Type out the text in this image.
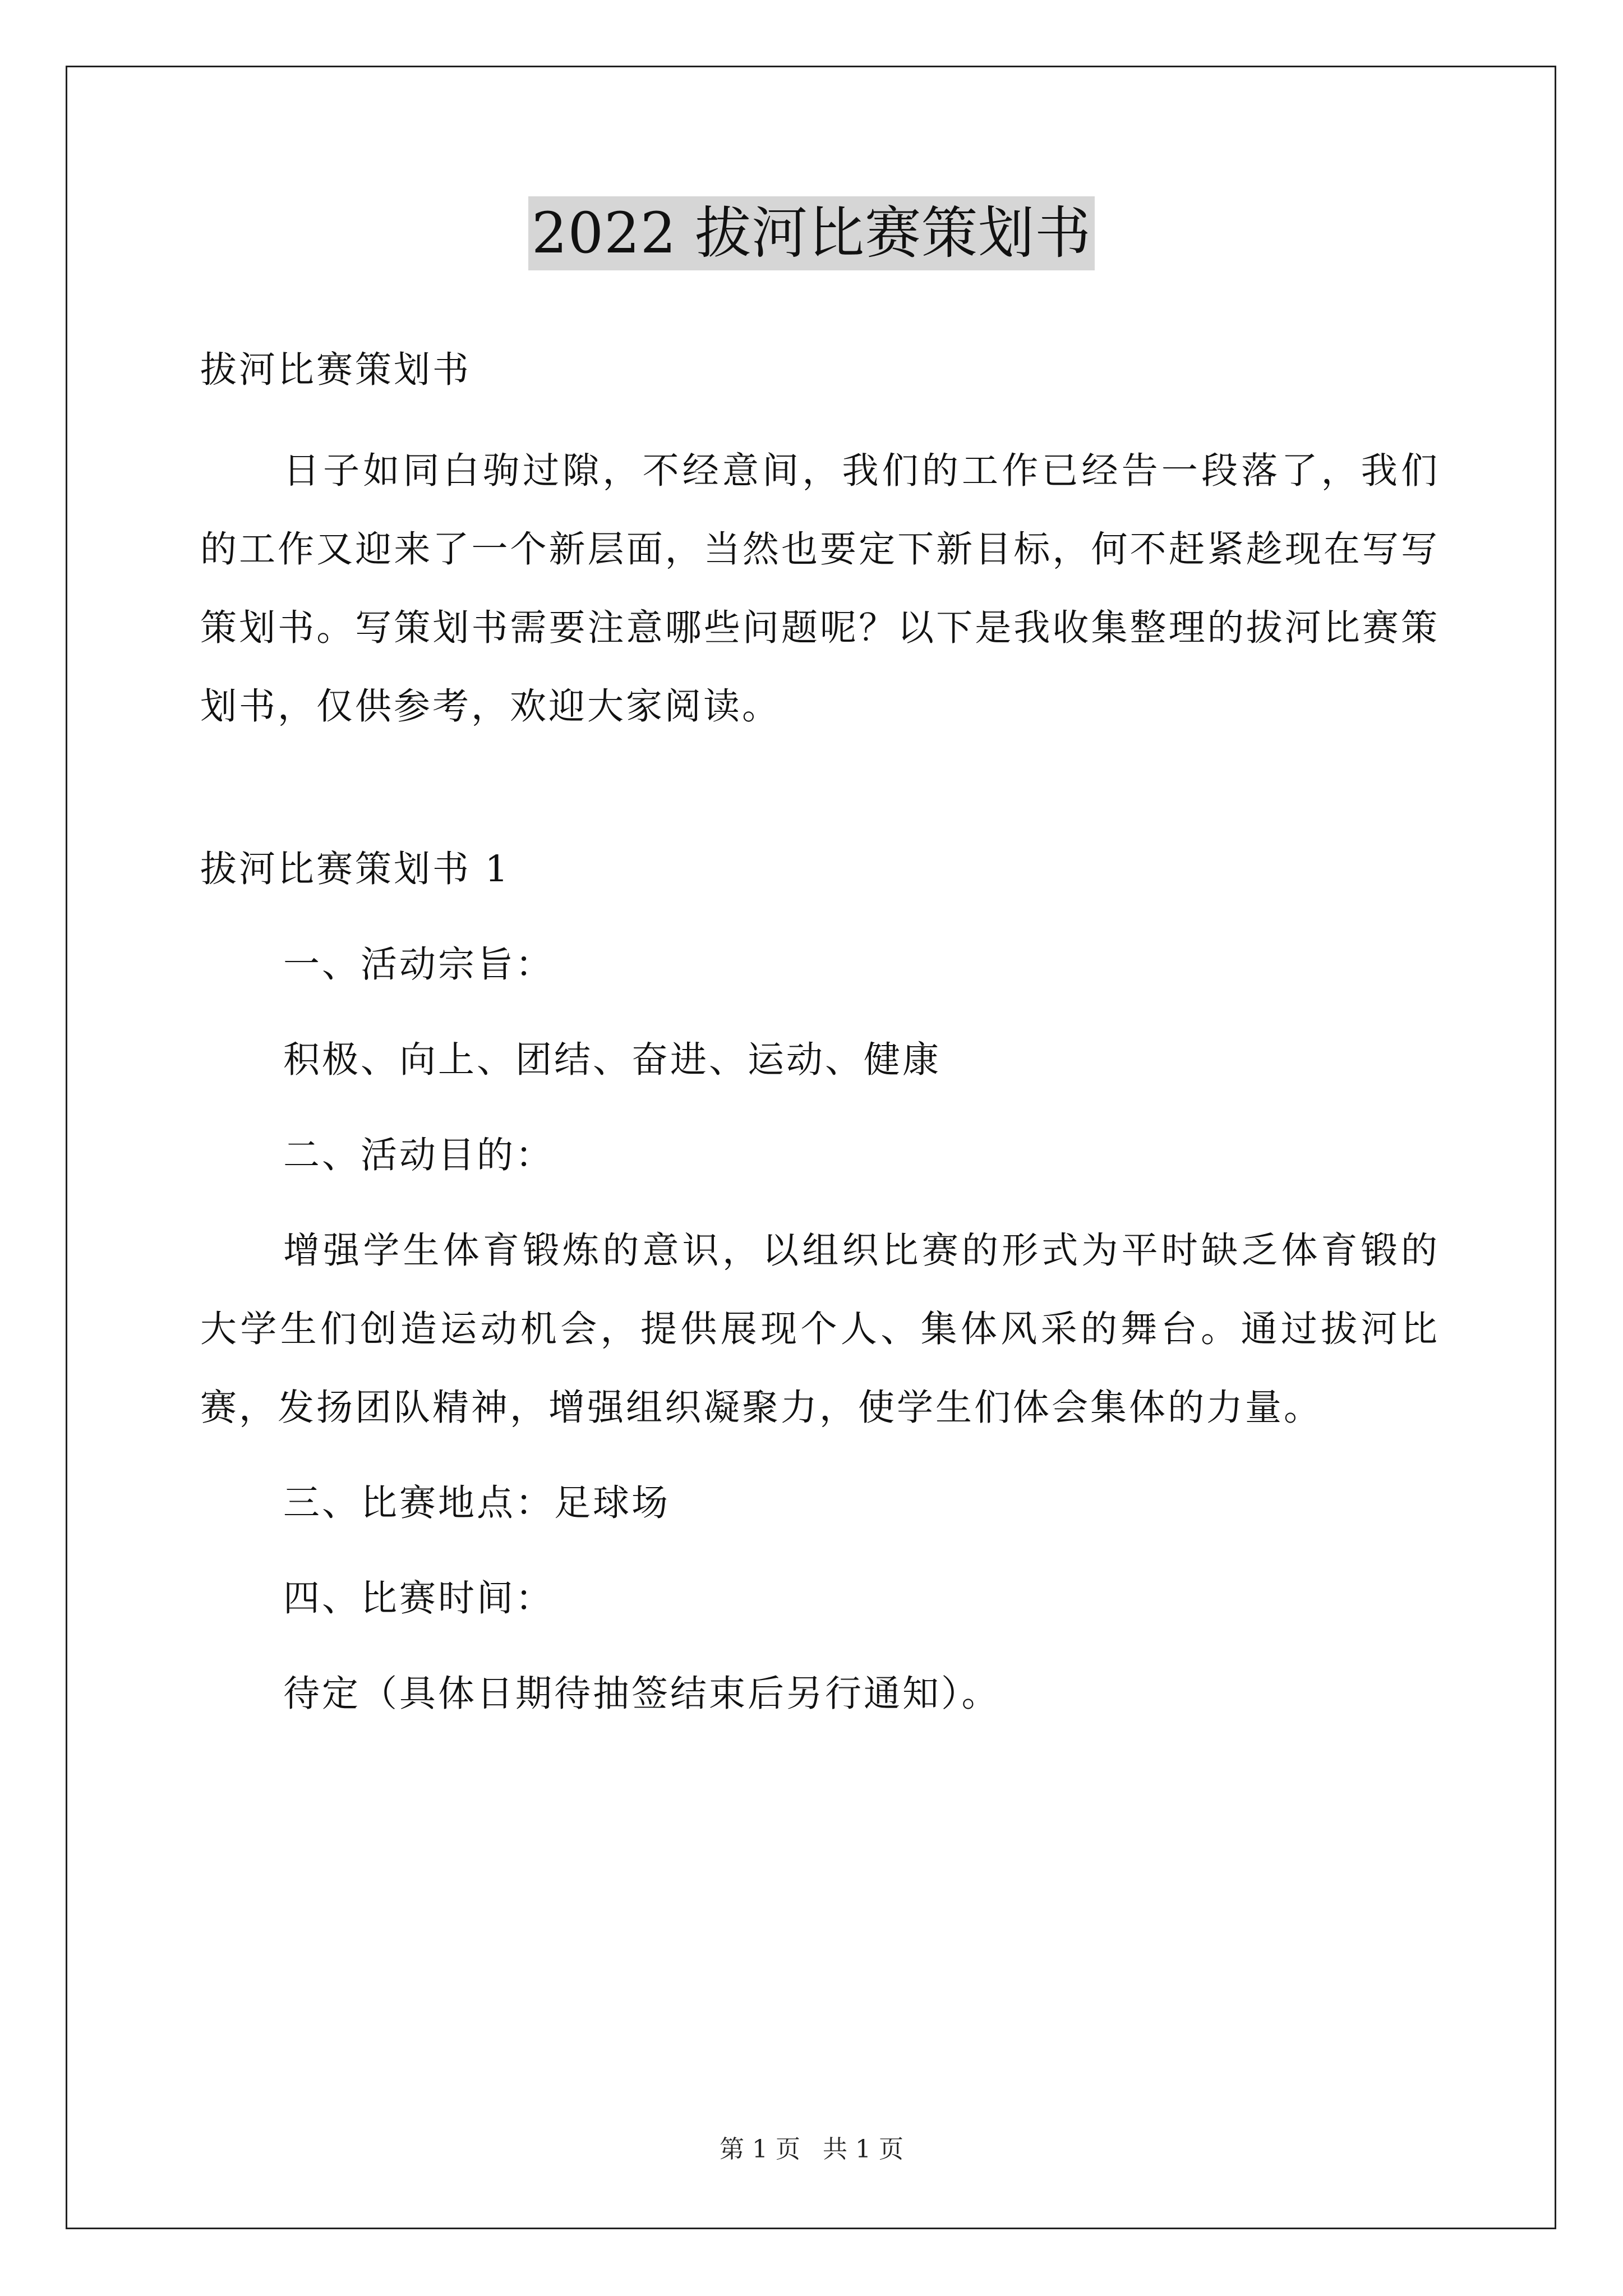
2022 拔河比赛策划书

拔河比赛策划书

日子如同白驹过隙，不经意间，我们的工作已经告一段落了，我们的工作又迎来了一个新层面，当然也要定下新目标，何不赶紧趁现在写写策划书。写策划书需要注意哪些问题呢？以下是我收集整理的拔河比赛策划书，仅供参考，欢迎大家阅读。

拔河比赛策划书 1

一、活动宗旨：

积极、向上、团结、奋进、运动、健康

二、活动目的：

增强学生体育锻炼的意识，以组织比赛的形式为平时缺乏体育锻的大学生们创造运动机会，提供展现个人、集体风采的舞台。通过拔河比赛，发扬团队精神，增强组织凝聚力，使学生们体会集体的力量。

三、比赛地点：足球场

四、比赛时间：

待定（具体日期待抽签结束后另行通知）。

第 1 页 共 1 页
